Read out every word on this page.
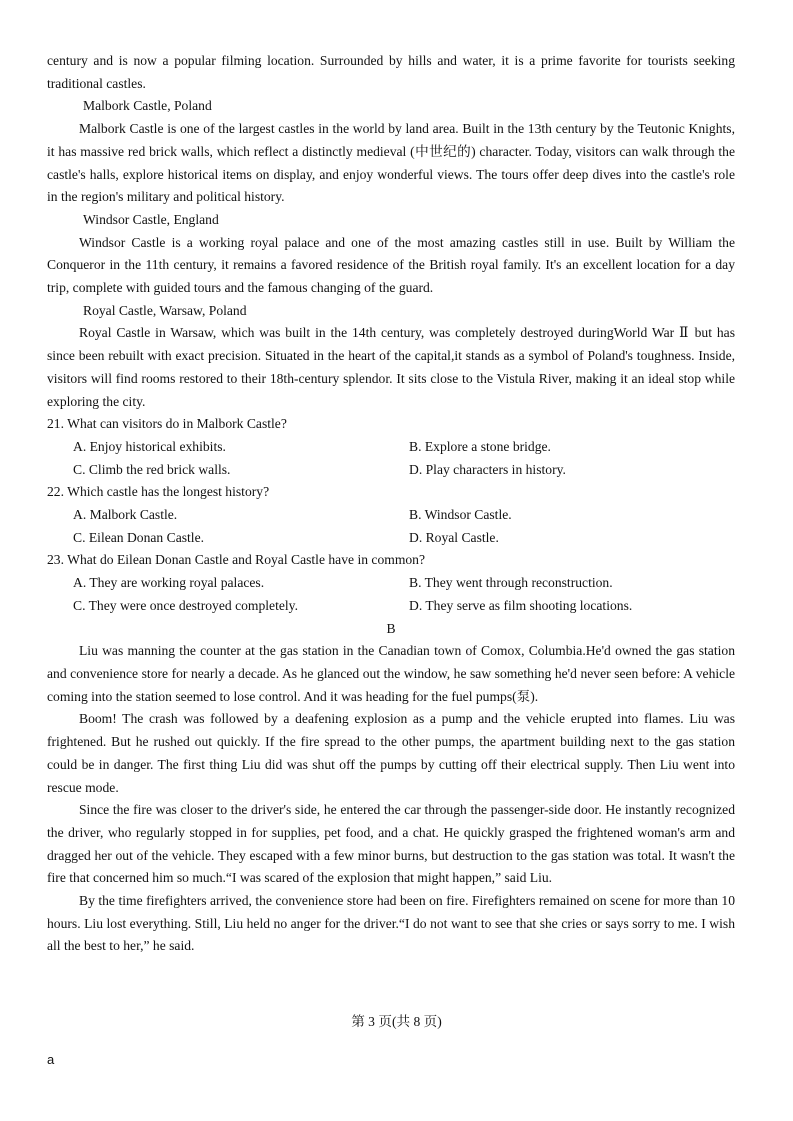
century and is now a popular filming location. Surrounded by hills and water, it is a prime favorite for tourists seeking traditional castles.

Malbork Castle, Poland

Malbork Castle is one of the largest castles in the world by land area. Built in the 13th century by the Teutonic Knights, it has massive red brick walls, which reflect a distinctly medieval (中世纪的) character. Today, visitors can walk through the castle's halls, explore historical items on display, and enjoy wonderful views. The tours offer deep dives into the castle's role in the region's military and political history.

Windsor Castle, England

Windsor Castle is a working royal palace and one of the most amazing castles still in use. Built by William the Conqueror in the 11th century, it remains a favored residence of the British royal family. It's an excellent location for a day trip, complete with guided tours and the famous changing of the guard.

Royal Castle, Warsaw, Poland

Royal Castle in Warsaw, which was built in the 14th century, was completely destroyed duringWorld War Ⅱ but has since been rebuilt with exact precision. Situated in the heart of the capital,it stands as a symbol of Poland's toughness. Inside, visitors will find rooms restored to their 18th-century splendor. It sits close to the Vistula River, making it an ideal stop while exploring the city.

21. What can visitors do in Malbork Castle?

A. Enjoy historical exhibits.	B. Explore a stone bridge.

C. Climb the red brick walls.	D. Play characters in history.

22. Which castle has the longest history?

A. Malbork Castle.	B. Windsor Castle.

C. Eilean Donan Castle.	D. Royal Castle.

23. What do Eilean Donan Castle and Royal Castle have in common?

A. They are working royal palaces.	B. They went through reconstruction.

C. They were once destroyed completely.	D. They serve as film shooting locations.

B

Liu was manning the counter at the gas station in the Canadian town of Comox, Columbia.He'd owned the gas station and convenience store for nearly a decade. As he glanced out the window, he saw something he'd never seen before: A vehicle coming into the station seemed to lose control. And it was heading for the fuel pumps(泵).

Boom! The crash was followed by a deafening explosion as a pump and the vehicle erupted into flames. Liu was frightened. But he rushed out quickly. If the fire spread to the other pumps, the apartment building next to the gas station could be in danger. The first thing Liu did was shut off the pumps by cutting off their electrical supply. Then Liu went into rescue mode.

Since the fire was closer to the driver's side, he entered the car through the passenger-side door. He instantly recognized the driver, who regularly stopped in for supplies, pet food, and a chat. He quickly grasped the frightened woman's arm and dragged her out of the vehicle. They escaped with a few minor burns, but destruction to the gas station was total. It wasn't the fire that concerned him so much.“I was scared of the explosion that might happen,” said Liu.

By the time firefighters arrived, the convenience store had been on fire. Firefighters remained on scene for more than 10 hours. Liu lost everything. Still, Liu held no anger for the driver.“I do not want to see that she cries or says sorry to me. I wish all the best to her,” he said.

第 3 页(共 8 页)
a
